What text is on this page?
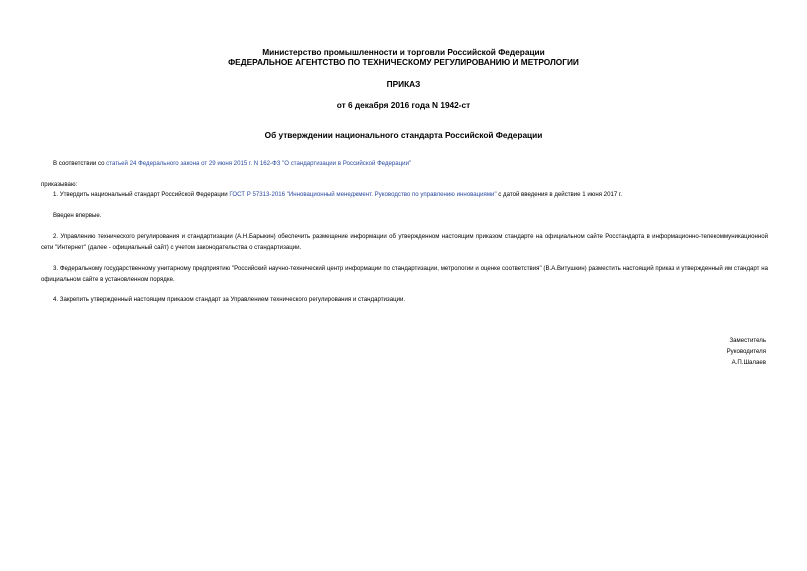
Министерство промышленности и торговли Российской Федерации
ФЕДЕРАЛЬНОЕ АГЕНТСТВО ПО ТЕХНИЧЕСКОМУ РЕГУЛИРОВАНИЮ И МЕТРОЛОГИИ
ПРИКАЗ
от 6 декабря 2016 года N 1942-ст
Об утверждении национального стандарта Российской Федерации
В соответствии со статьей 24 Федерального закона от 29 июня 2015 г. N 162-ФЗ "О стандартизации в Российской Федерации"
приказываю:
1. Утвердить национальный стандарт Российской Федерации ГОСТ Р 57313-2016 "Инновационный менеджмент. Руководство по управлению инновациями" с датой введения в действие 1 июня 2017 г.
Введен впервые.
2. Управлению технического регулирования и стандартизации (А.Н.Барыкин) обеспечить размещение информации об утвержденном настоящим приказом стандарте на официальном сайте Росстандарта в информационно-телекоммуникационной сети "Интернет" (далее - официальный сайт) с учетом законодательства о стандартизации.
3. Федеральному государственному унитарному предприятию "Российский научно-технический центр информации по стандартизации, метрологии и оценке соответствия" (В.А.Витушкин) разместить настоящий приказ и утвержденный им стандарт на официальном сайте в установленном порядке.
4. Закрепить утвержденный настоящим приказом стандарт за Управлением технического регулирования и стандартизации.
Заместитель
Руководителя
А.П.Шалаев
